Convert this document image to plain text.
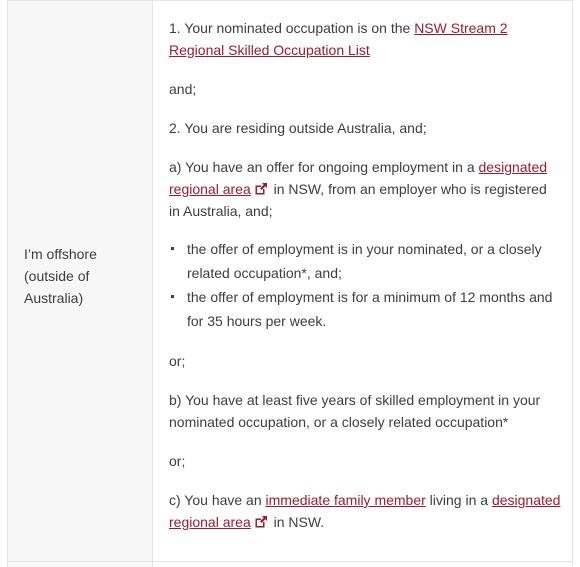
I’m offshore (outside of Australia)

1. Your nominated occupation is on the NSW Stream 2 Regional Skilled Occupation List

and;

2. You are residing outside Australia, and;

a) You have an offer for ongoing employment in a designated regional area in NSW, from an employer who is registered in Australia, and;

the offer of employment is in your nominated, or a closely related occupation*, and;
the offer of employment is for a minimum of 12 months and for 35 hours per week.

or;

b) You have at least five years of skilled employment in your nominated occupation, or a closely related occupation*

or;

c) You have an immediate family member living in a designated regional area in NSW.
